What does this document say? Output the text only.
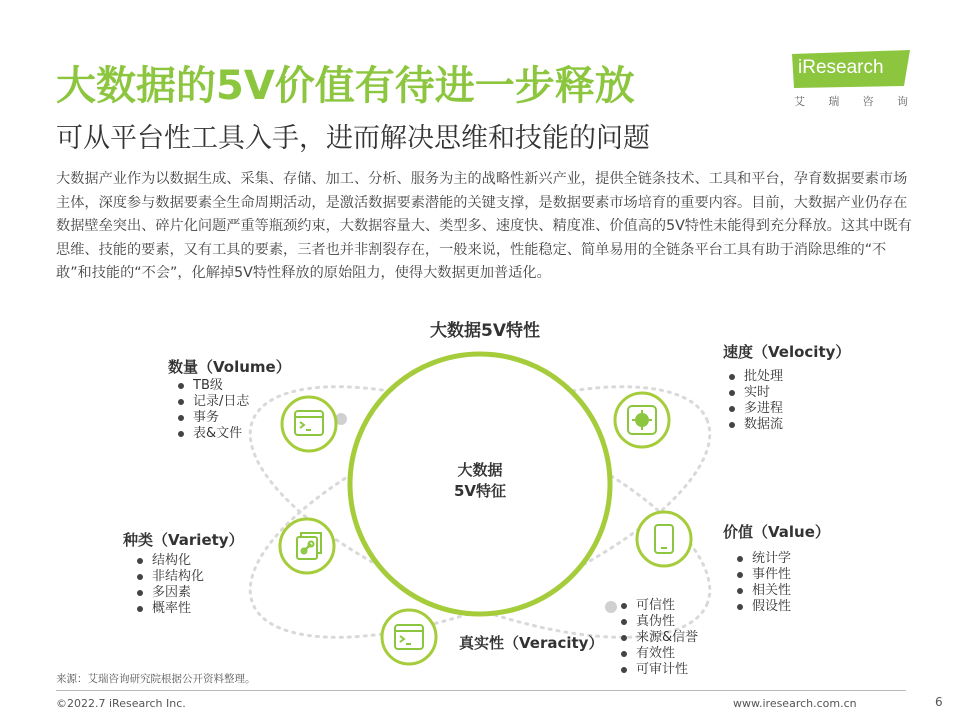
大数据的5V价值有待进一步释放
可从平台性工具入手，进而解决思维和技能的问题
iResearch
艾 瑞 咨 询

大数据产业作为以数据生成、采集、存储、加工、分析、服务为主的战略性新兴产业，提供全链条技术、工具和平台，孕育数据要素市场主体，深度参与数据要素全生命周期活动，是激活数据要素潜能的关键支撑，是数据要素市场培育的重要内容。目前，大数据产业仍存在数据壁垒突出、碎片化问题严重等瓶颈约束，大数据容量大、类型多、速度快、精度准、价值高的5V特性未能得到充分释放。这其中既有思维、技能的要素，又有工具的要素，三者也并非割裂存在，一般来说，性能稳定、简单易用的全链条平台工具有助于消除思维的“不敢”和技能的“不会”，化解掉5V特性释放的原始阻力，使得大数据更加普适化。

大数据5V特性
大数据
5V特征
数量（Volume）
TB级
记录/日志
事务
表&文件
速度（Velocity）
批处理
实时
多进程
数据流
种类（Variety）
结构化
非结构化
多因素
概率性
价值（Value）
统计学
事件性
相关性
假设性
真实性（Veracity）
可信性
真伪性
来源&信誉
有效性
可审计性
来源：艾瑞咨询研究院根据公开资料整理。
©2022.7 iResearch Inc.	www.iresearch.com.cn	6
